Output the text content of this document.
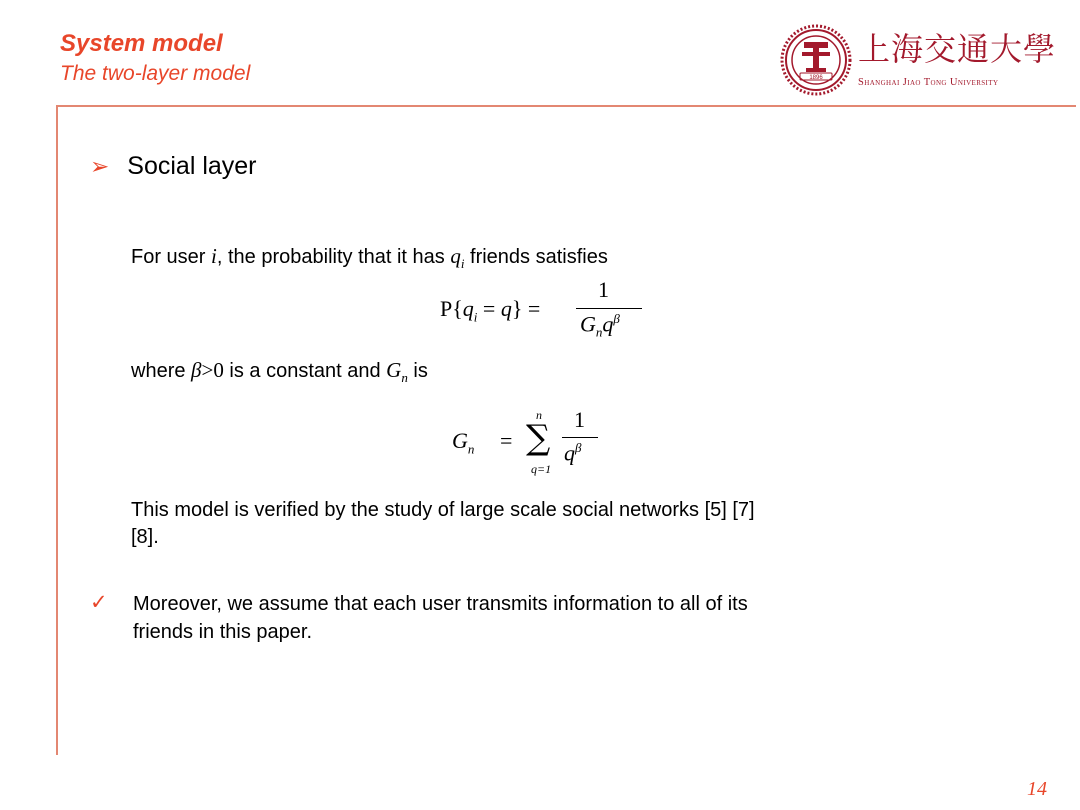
System model
The two-layer model	1896
上海交通大學
Shanghai Jiao Tong University
➢ Social layer
For user i, the probability that it has $q_i$ friends satisfies
$P\{q_i = q\}$ =
1
$G_nq^\beta$
where β>0 is a constant and $G_n$ is
$G_n$ =
n
∑
q=1
1
$q^\beta$
This model is verified by the study of large scale social networks [5] [7]
[8].
✓ Moreover, we assume that each user transmits information to all of its
friends in this paper.
14
